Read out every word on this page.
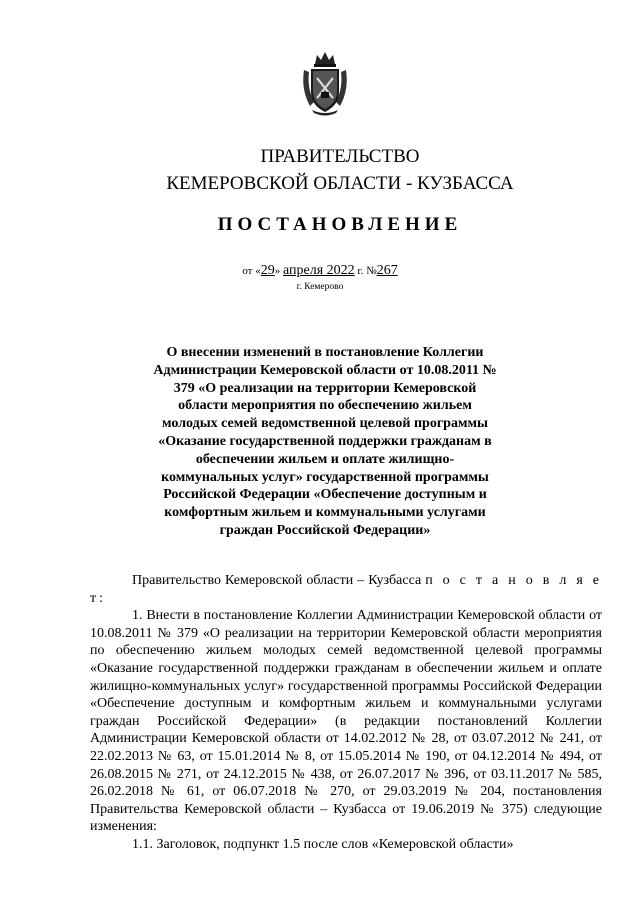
ПРАВИТЕЛЬСТВО
КЕМЕРОВСКОЙ ОБЛАСТИ - КУЗБАССА
ПОСТАНОВЛЕНИЕ
от «29» апреля 2022 г. №267
г. Кемерово
О внесении изменений в постановление Коллегии Администрации Кемеровской области от 10.08.2011 № 379 «О реализации на территории Кемеровской области мероприятия по обеспечению жильем молодых семей ведомственной целевой программы «Оказание государственной поддержки гражданам в обеспечении жильем и оплате жилищно-коммунальных услуг» государственной программы Российской Федерации «Обеспечение доступным и комфортным жильем и коммунальными услугами граждан Российской Федерации»

Правительство Кемеровской области – Кузбасса п о с т а н о в л я е т:

1. Внести в постановление Коллегии Администрации Кемеровской области от 10.08.2011 № 379 «О реализации на территории Кемеровской области мероприятия по обеспечению жильем молодых семей ведомственной целевой программы «Оказание государственной поддержки гражданам в обеспечении жильем и оплате жилищно-коммунальных услуг» государственной программы Российской Федерации «Обеспечение доступным и комфортным жильем и коммунальными услугами граждан Российской Федерации» (в редакции постановлений Коллегии Администрации Кемеровской области от 14.02.2012 № 28, от 03.07.2012 № 241, от 22.02.2013 № 63, от 15.01.2014 № 8, от 15.05.2014 № 190, от 04.12.2014 № 494, от 26.08.2015 № 271, от 24.12.2015 № 438, от 26.07.2017 № 396, от 03.11.2017 № 585, 26.02.2018 № 61, от 06.07.2018 № 270, от 29.03.2019 № 204, постановления Правительства Кемеровской области – Кузбасса от 19.06.2019 № 375) следующие изменения:

1.1. Заголовок, подпункт 1.5 после слов «Кемеровской области»
